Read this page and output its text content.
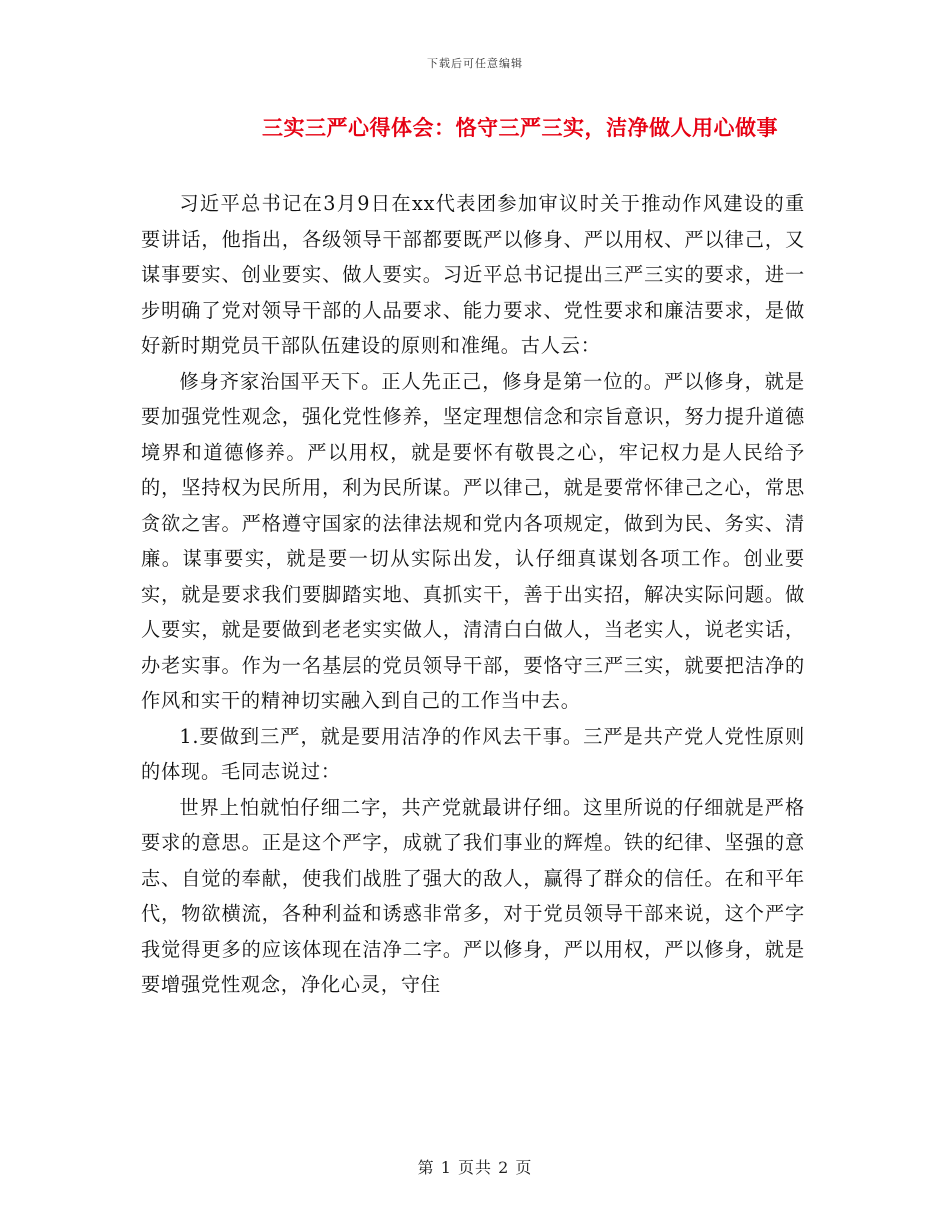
下载后可任意编辑
三实三严心得体会：恪守三严三实，洁净做人用心做事

习近平总书记在3月9日在xx代表团参加审议时关于推动作风建设的重要讲话，他指出，各级领导干部都要既严以修身、严以用权、严以律己，又谋事要实、创业要实、做人要实。习近平总书记提出三严三实的要求，进一步明确了党对领导干部的人品要求、能力要求、党性要求和廉洁要求，是做好新时期党员干部队伍建设的原则和准绳。古人云：

修身齐家治国平天下。正人先正己，修身是第一位的。严以修身，就是要加强党性观念，强化党性修养，坚定理想信念和宗旨意识，努力提升道德境界和道德修养。严以用权，就是要怀有敬畏之心，牢记权力是人民给予的，坚持权为民所用，利为民所谋。严以律己，就是要常怀律己之心，常思贪欲之害。严格遵守国家的法律法规和党内各项规定，做到为民、务实、清廉。谋事要实，就是要一切从实际出发，认仔细真谋划各项工作。创业要实，就是要求我们要脚踏实地、真抓实干，善于出实招，解决实际问题。做人要实，就是要做到老老实实做人，清清白白做人，当老实人，说老实话，办老实事。作为一名基层的党员领导干部，要恪守三严三实，就要把洁净的作风和实干的精神切实融入到自己的工作当中去。

1.要做到三严，就是要用洁净的作风去干事。三严是共产党人党性原则的体现。毛同志说过：

世界上怕就怕仔细二字，共产党就最讲仔细。这里所说的仔细就是严格要求的意思。正是这个严字，成就了我们事业的辉煌。铁的纪律、坚强的意志、自觉的奉献，使我们战胜了强大的敌人，赢得了群众的信任。在和平年代，物欲横流，各种利益和诱惑非常多，对于党员领导干部来说，这个严字我觉得更多的应该体现在洁净二字。严以修身，严以用权，严以修身，就是要增强党性观念，净化心灵，守住

第 1 页共 2 页
